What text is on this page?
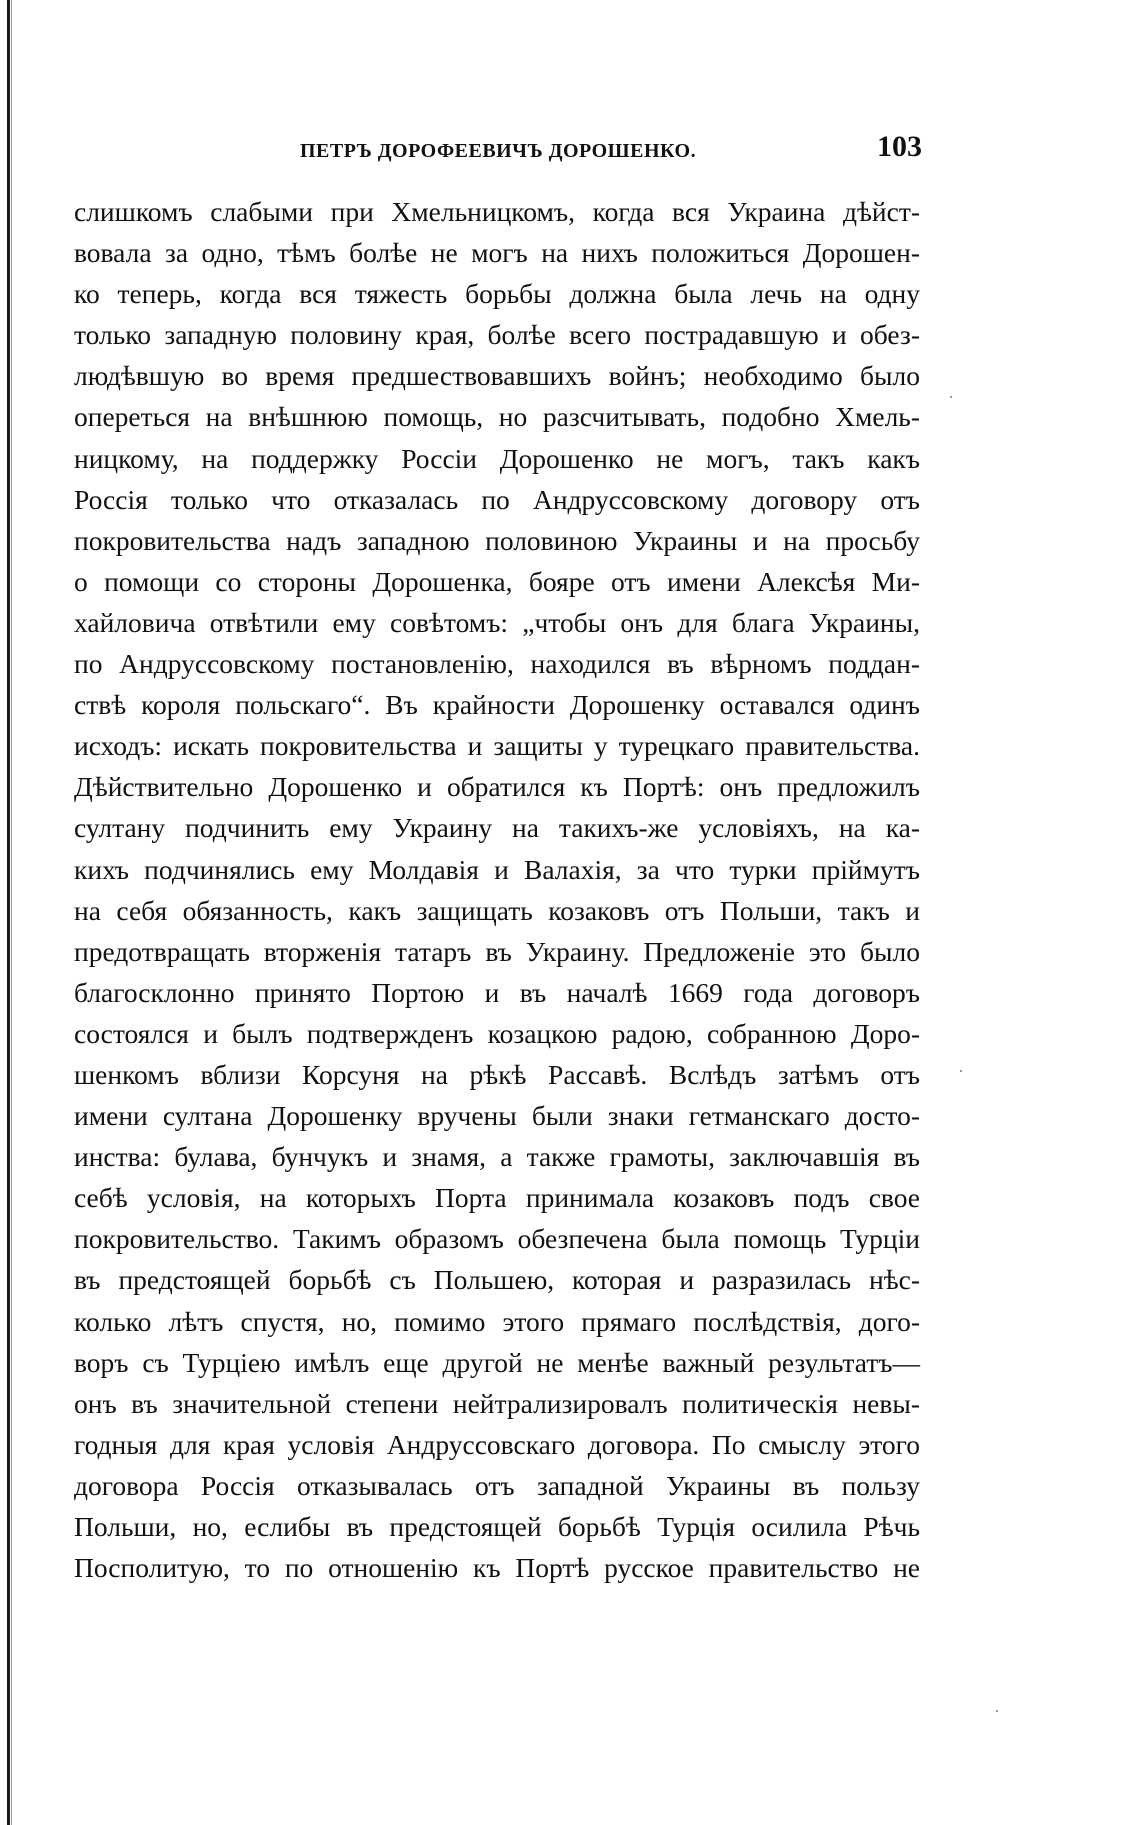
ПЕТРЪ ДОРОФЕЕВИЧЪ ДОРОШЕНКО.	103
слишкомъ слабыми при Хмельницкомъ, когда вся Украина дѣйст-
вовала за одно, тѣмъ болѣе не могъ на нихъ положиться Дорошен-
ко теперь, когда вся тяжесть борьбы должна была лечь на одну
только западную половину края, болѣе всего пострадавшую и обез-
людѣвшую во время предшествовавшихъ войнъ; необходимо было
опереться на внѣшнюю помощь, но разсчитывать, подобно Хмель-
ницкому, на поддержку Россіи Дорошенко не могъ, такъ какъ
Россія только что отказалась по Андруссовскому договору отъ
покровительства надъ западною половиною Украины и на просьбу
о помощи со стороны Дорошенка, бояре отъ имени Алексѣя Ми-
хайловича отвѣтили ему совѣтомъ: „чтобы онъ для блага Украины,
по Андруссовскому постановленію, находился въ вѣрномъ поддан-
ствѣ короля польскаго“. Въ крайности Дорошенку оставался одинъ
исходъ: искать покровительства и защиты у турецкаго правительства.
Дѣйствительно Дорошенко и обратился къ Портѣ: онъ предложилъ
султану подчинить ему Украину на такихъ-же условіяхъ, на ка-
кихъ подчинялись ему Молдавія и Валахія, за что турки пріймутъ
на себя обязанность, какъ защищать козаковъ отъ Польши, такъ и
предотвращать вторженія татаръ въ Украину. Предложеніе это было
благосклонно принято Портою и въ началѣ 1669 года договоръ
состоялся и былъ подтвержденъ козацкою радою, собранною Доро-
шенкомъ вблизи Корсуня на рѣкѣ Рассавѣ. Вслѣдъ затѣмъ отъ
имени султана Дорошенку вручены были знаки гетманскаго досто-
инства: булава, бунчукъ и знамя, а также грамоты, заключавшія въ
себѣ условія, на которыхъ Порта принимала козаковъ подъ свое
покровительство. Такимъ образомъ обезпечена была помощь Турціи
въ предстоящей борьбѣ съ Польшею, которая и разразилась нѣс-
колько лѣтъ спустя, но, помимо этого прямаго послѣдствія, дого-
воръ съ Турціею имѣлъ еще другой не менѣе важный результатъ—
онъ въ значительной степени нейтрализировалъ политическія невы-
годныя для края условія Андруссовскаго договора. По смыслу этого
договора Россія отказывалась отъ западной Украины въ пользу
Польши, но, еслибы въ предстоящей борьбѣ Турція осилила Рѣчь
Посполитую, то по отношенію къ Портѣ русское правительство не
